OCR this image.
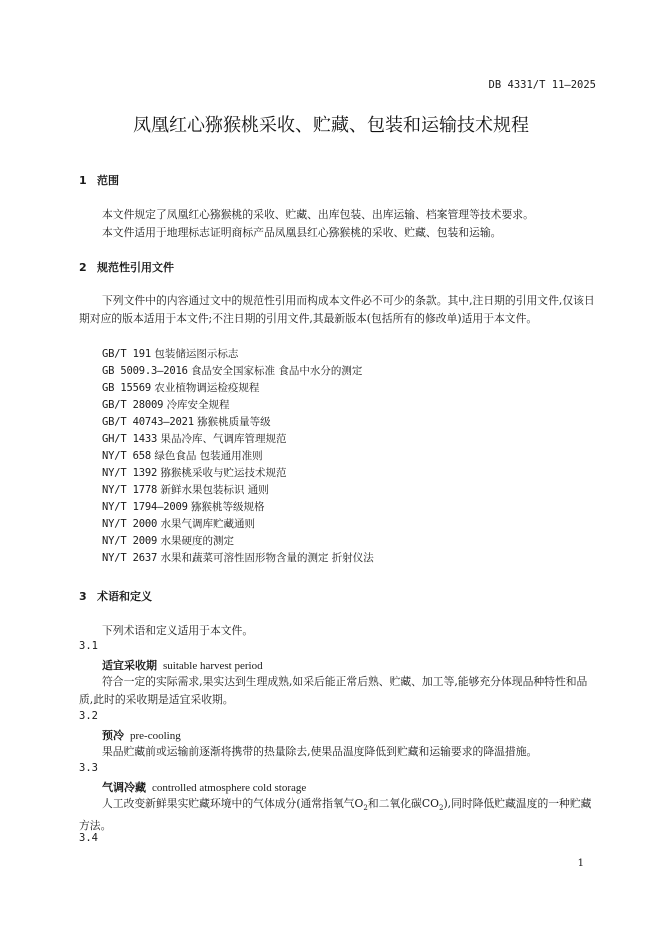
DB 4331/T 11—2025
凤凰红心猕猴桃采收、贮藏、包装和运输技术规程
1 范围
本文件规定了凤凰红心猕猴桃的采收、贮藏、出库包装、出库运输、档案管理等技术要求。
本文件适用于地理标志证明商标产品凤凰县红心猕猴桃的采收、贮藏、包装和运输。
2 规范性引用文件
下列文件中的内容通过文中的规范性引用而构成本文件必不可少的条款。其中,注日期的引用文件,仅该日期对应的版本适用于本文件;不注日期的引用文件,其最新版本(包括所有的修改单)适用于本文件。
GB/T 191 包装储运图示标志
GB 5009.3—2016 食品安全国家标准 食品中水分的测定
GB 15569 农业植物调运检疫规程
GB/T 28009 冷库安全规程
GB/T 40743—2021 猕猴桃质量等级
GH/T 1433 果品冷库、气调库管理规范
NY/T 658 绿色食品 包装通用准则
NY/T 1392 猕猴桃采收与贮运技术规范
NY/T 1778 新鲜水果包装标识 通则
NY/T 1794—2009 猕猴桃等级规格
NY/T 2000 水果气调库贮藏通则
NY/T 2009 水果硬度的测定
NY/T 2637 水果和蔬菜可溶性固形物含量的测定 折射仪法
3 术语和定义
下列术语和定义适用于本文件。
3.1
适宜采收期 suitable harvest period
符合一定的实际需求,果实达到生理成熟,如采后能正常后熟、贮藏、加工等,能够充分体现品种特性和品质,此时的采收期是适宜采收期。
3.2
预冷 pre-cooling
果品贮藏前或运输前逐渐将携带的热量除去,使果品温度降低到贮藏和运输要求的降温措施。
3.3
气调冷藏 controlled atmosphere cold storage
人工改变新鲜果实贮藏环境中的气体成分(通常指氧气$O_2$和二氧化碳$CO_2$),同时降低贮藏温度的一种贮藏方法。
3.4
1
